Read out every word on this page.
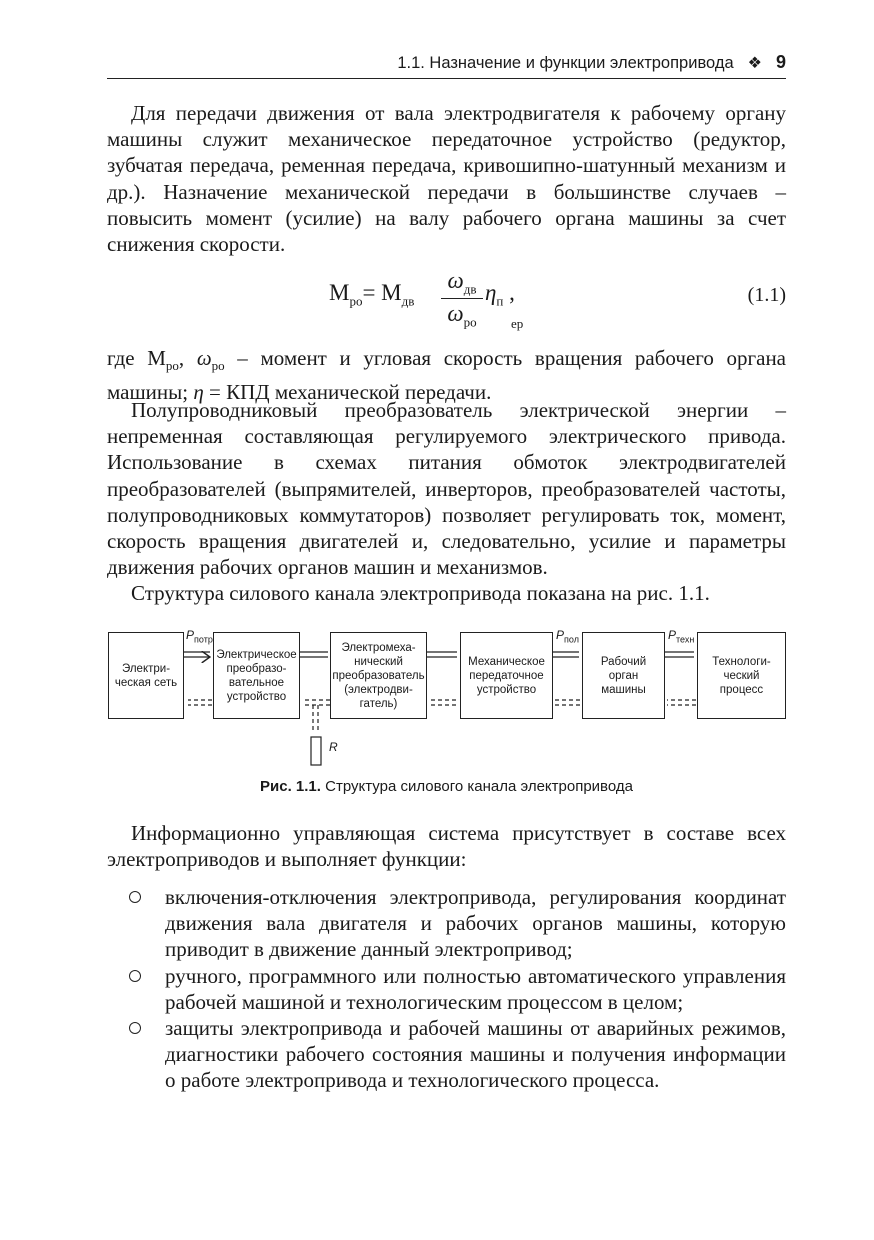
1.1. Назначение и функции электропривода ❖ 9
Для передачи движения от вала электродвигателя к рабочему органу машины служит механическое передаточное устройство (редуктор, зубчатая передача, ременная передача, кривошипно-шатунный механизм и др.). Назначение механической передачи в большинстве случаев – повысить момент (усилие) на валу рабочего органа машины за счет снижения скорости.
$M_{ро}= M_{дв}$
$\omega_{дв}$
$\omega_{ро}$
$\eta_п$ ,
ер
(1.1)
где $M_{ро}$, $\omega_{ро}$ – момент и угловая скорость вращения рабочего органа машины; η = КПД механической передачи.
Полупроводниковый преобразователь электрической энергии – непременная составляющая регулируемого электрического привода. Использование в схемах питания обмоток электродвигателей преобразователей (выпрямителей, инверторов, преобразователей частоты, полупроводниковых коммутаторов) позволяет регулировать ток, момент, скорость вращения двигателей и, следовательно, усилие и параметры движения рабочих органов машин и механизмов.
Структура силового канала электропривода показана на рис. 1.1.
Электри-
ческая сеть
Электрическое
преобразо-
вательное
устройство
Электромеха-
нический
преобразователь
(электродви-
гатель)
Механическое
передаточное
устройство
Рабочий
орган
машины
Технологи-
ческий
процесс
$P_{потр}$	$P_{пол}$	$P_{техн}$
R
Рис. 1.1. Структура силового канала электропривода
Информационно управляющая система присутствует в составе всех электроприводов и выполняет функции:
включения-отключения электропривода, регулирования координат движения вала двигателя и рабочих органов машины, которую приводит в движение данный электропривод;
ручного, программного или полностью автоматического управления рабочей машиной и технологическим процессом в целом;
защиты электропривода и рабочей машины от аварийных режимов, диагностики рабочего состояния машины и получения информации о работе электропривода и технологического процесса.
